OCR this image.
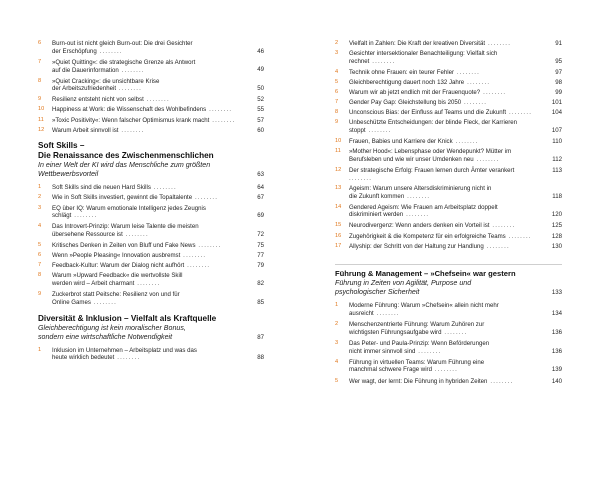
6	Burn-out ist nicht gleich Burn-out: Die drei Gesichter
der Erschöpfung ........	46
7	»Quiet Quitting«: die strategische Grenze als Antwort
auf die Dauerinformation ........	49
8	»Quiet Cracking«: die unsichtbare Krise
der Arbeitszufriedenheit ........	50
9	Resilienz entsteht nicht von selbst ........	52
10	Happiness at Work: die Wissenschaft des Wohlbefindens ........	55
11	»Toxic Positivity«: Wenn falscher Optimismus krank macht ........	57
12	Warum Arbeit sinnvoll ist ........	60
Soft Skills –
Die Renaissance des Zwischenmenschlichen
In einer Welt der KI wird das Menschliche zum größten
Wettbewerbsvorteil	63
1	Soft Skills sind die neuen Hard Skills ........	64
2	Wie in Soft Skills investiert, gewinnt die Topaltalente ........	67
3	EQ über IQ: Warum emotionale Intelligenz jedes Zeugnis
schlägt ........	69
4	Das Introvert-Prinzip: Warum leise Talente die meisten
übersehene Ressource ist ........	72
5	Kritisches Denken in Zeiten von Bluff und Fake News ........	75
6	Wenn »People Pleasing« Innovation ausbremst ........	77
7	Feedback-Kultur: Warum der Dialog nicht aufhört ........	79
8	Warum »Upward Feedback« die wertvollste Skill
werden wird – Arbeit charmant ........	82
9	Zuckerbrot statt Peitsche: Resilienz von und für
Online Games ........	85
Diversität & Inklusion – Vielfalt als Kraftquelle
Gleichberechtigung ist kein moralischer Bonus,
sondern eine wirtschaftliche Notwendigkeit	87
1	Inklusion im Unternehmen – Arbeitsplatz und was das
heute wirklich bedeutet ........	88
2	Vielfalt in Zahlen: Die Kraft der kreativen Diversität ........	91
3	Gesichter intersektionaler Benachteiligung: Vielfalt sich
rechnet ........	95
4	Technik ohne Frauen: ein teurer Fehler ........	97
5	Gleichberechtigung dauert noch 132 Jahre ........	98
6	Warum wir ab jetzt endlich mit der Frauenquote? ........	99
7	Gender Pay Gap: Gleichstellung bis 2050 ........	101
8	Unconscious Bias: der Einfluss auf Teams und die Zukunft ........	104
9	Unbeschützte Entscheidungen: der blinde Fleck, der Karrieren
stoppt ........	107
10	Frauen, Babies und Karriere der Knick ........	110
11	»Mother Hood«: Lebensphase oder Wendepunkt? Mütter im
Berufsleben und wie wir unser Umdenken neu ........	112
12	Der strategische Erfolg: Frauen lernen durch Ämter verankert ........
113
13	Ageism: Warum unsere Altersdiskriminierung nicht in
die Zukunft kommen ........	118
14	Gendered Ageism: Wie Frauen am Arbeitsplatz doppelt
diskriminiert werden ........	120
15	Neurodivergenz: Wenn anders denken ein Vorteil ist ........	125
16	Zugehörigkeit & die Kompetenz für ein erfolgreiche Teams ........	128
17	Allyship: der Schritt von der Haltung zur Handlung ........	130
Führung & Management – »Chefsein« war gestern
Führung in Zeiten von Agilität, Purpose und
psychologischer Sicherheit	133
1	Moderne Führung: Warum »Chefsein« allein nicht mehr
ausreicht ........	134
2	Menschenzentrierte Führung: Warum Zuhören zur
wichtigsten Führungsaufgabe wird ........	136
3	Das Peter- und Paula-Prinzip: Wenn Beförderungen
nicht immer sinnvoll sind ........	136
4	Führung in virtuellen Teams: Warum Führung eine
manchmal schwere Frage wird ........	139
5	Wer wagt, der lernt: Die Führung in hybriden Zeiten ........	140
